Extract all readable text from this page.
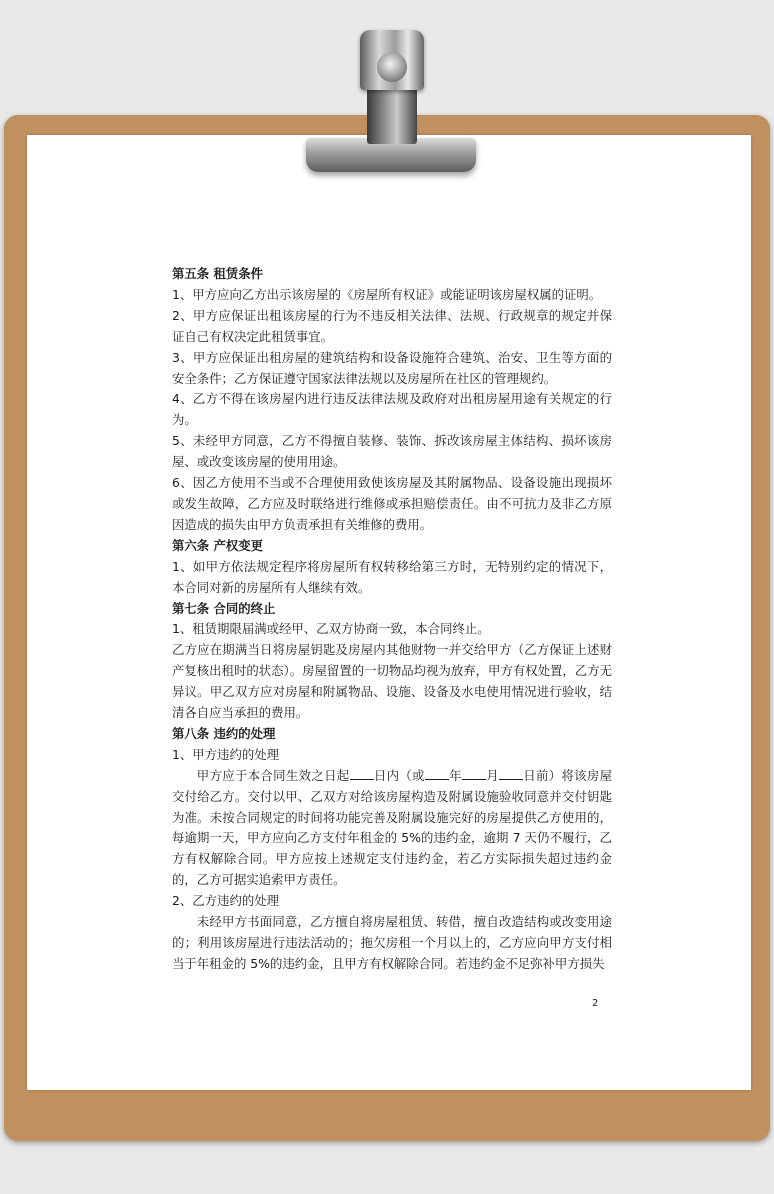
第五条 租赁条件

1、甲方应向乙方出示该房屋的《房屋所有权证》或能证明该房屋权属的证明。

2、甲方应保证出租该房屋的行为不违反相关法律、法规、行政规章的规定并保证自己有权决定此租赁事宜。

3、甲方应保证出租房屋的建筑结构和设备设施符合建筑、治安、卫生等方面的安全条件；乙方保证遵守国家法律法规以及房屋所在社区的管理规约。

4、乙方不得在该房屋内进行违反法律法规及政府对出租房屋用途有关规定的行为。

5、未经甲方同意，乙方不得擅自装修、装饰、拆改该房屋主体结构、损坏该房屋、或改变该房屋的使用用途。

6、因乙方使用不当或不合理使用致使该房屋及其附属物品、设备设施出现损坏或发生故障，乙方应及时联络进行维修或承担赔偿责任。由不可抗力及非乙方原因造成的损失由甲方负责承担有关维修的费用。

第六条 产权变更

1、如甲方依法规定程序将房屋所有权转移给第三方时，无特别约定的情况下，本合同对新的房屋所有人继续有效。

第七条 合同的终止

1、租赁期限届满或经甲、乙双方协商一致，本合同终止。

乙方应在期满当日将房屋钥匙及房屋内其他财物一并交给甲方（乙方保证上述财产复核出租时的状态）。房屋留置的一切物品均视为放弃，甲方有权处置，乙方无异议。甲乙双方应对房屋和附属物品、设施、设备及水电使用情况进行验收，结清各自应当承担的费用。

第八条 违约的处理

1、甲方违约的处理

甲方应于本合同生效之日起 日内（或 年 月 日前）将该房屋交付给乙方。交付以甲、乙双方对给该房屋构造及附属设施验收同意并交付钥匙为准。未按合同规定的时间将功能完善及附属设施完好的房屋提供乙方使用的，每逾期一天，甲方应向乙方支付年租金的 5%的违约金，逾期 7 天仍不履行，乙方有权解除合同。甲方应按上述规定支付违约金，若乙方实际损失超过违约金的，乙方可据实追索甲方责任。

2、乙方违约的处理

未经甲方书面同意，乙方擅自将房屋租赁、转借，擅自改造结构或改变用途的；利用该房屋进行违法活动的；拖欠房租一个月以上的，乙方应向甲方支付相当于年租金的 5%的违约金，且甲方有权解除合同。若违约金不足弥补甲方损失

2
